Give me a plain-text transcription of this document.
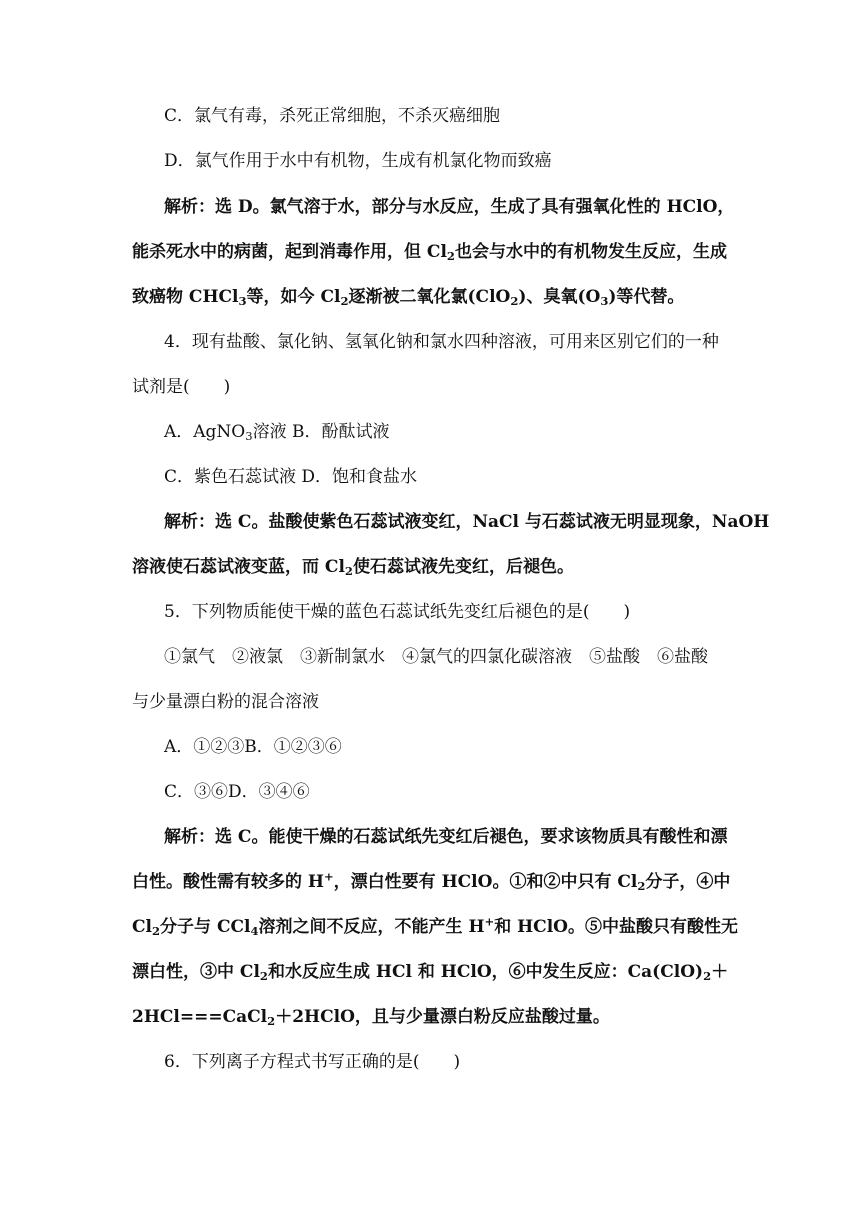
C．氯气有毒，杀死正常细胞，不杀灭癌细胞
D．氯气作用于水中有机物，生成有机氯化物而致癌
解析：选 D。氯气溶于水，部分与水反应，生成了具有强氧化性的 HClO，
能杀死水中的病菌，起到消毒作用，但 $Cl_2$也会与水中的有机物发生反应，生成
致癌物 CHCl$_3$等，如今 $Cl_2$逐渐被二氧化氯(ClO$_2$)、臭氧$(O_3)$等代替。
4．现有盐酸、氯化钠、氢氧化钠和氯水四种溶液，可用来区别它们的一种
试剂是(　　)
A．AgNO$_3$溶液 B．酚酞试液
C．紫色石蕊试液 D．饱和食盐水
解析：选 C。盐酸使紫色石蕊试液变红，NaCl 与石蕊试液无明显现象，NaOH
溶液使石蕊试液变蓝，而 $Cl_2$使石蕊试液先变红，后褪色。
5．下列物质能使干燥的蓝色石蕊试纸先变红后褪色的是(　　)
①氯气　②液氯　③新制氯水　④氯气的四氯化碳溶液　⑤盐酸　⑥盐酸
与少量漂白粉的混合溶液
A．①②③B．①②③⑥
C．③⑥D．③④⑥
解析：选 C。能使干燥的石蕊试纸先变红后褪色，要求该物质具有酸性和漂
白性。酸性需有较多的 H+，漂白性要有 HClO。①和②中只有 $Cl_2$分子，④中
$Cl_2$分子与 CCl$_4$溶剂之间不反应，不能产生 H+和 HClO。⑤中盐酸只有酸性无
漂白性，③中 $Cl_2$和水反应生成 HCl 和 HClO，⑥中发生反应：$Ca(ClO)_2+$
2HCl===CaCl$_2$＋2HClO，且与少量漂白粉反应盐酸过量。
6．下列离子方程式书写正确的是(　　)
